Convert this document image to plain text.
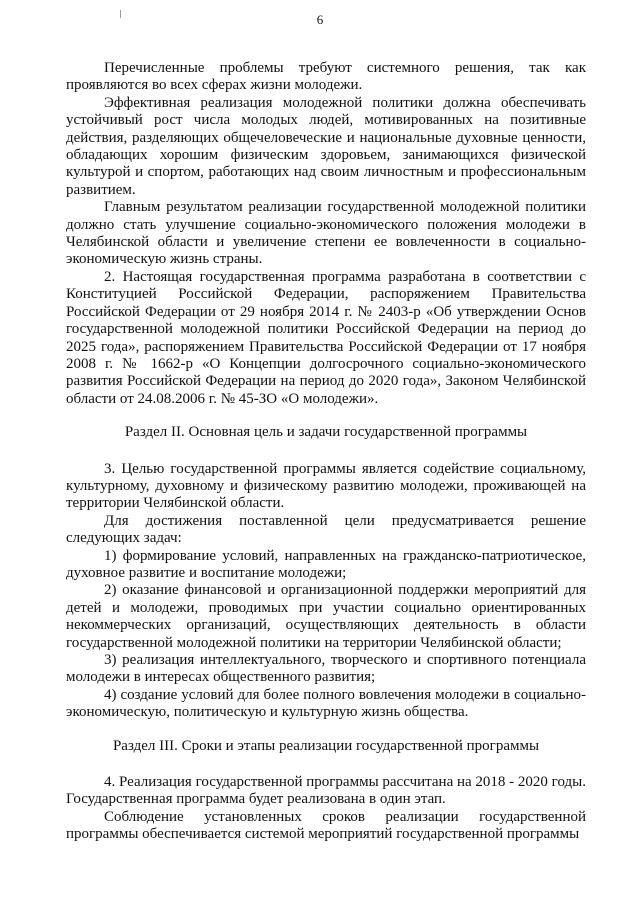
6

Перечисленные проблемы требуют системного решения, так как проявляются во всех сферах жизни молодежи.

Эффективная реализация молодежной политики должна обеспечивать устойчивый рост числа молодых людей, мотивированных на позитивные действия, разделяющих общечеловеческие и национальные духовные ценности, обладающих хорошим физическим здоровьем, занимающихся физической культурой и спортом, работающих над своим личностным и профессиональным развитием.

Главным результатом реализации государственной молодежной политики должно стать улучшение социально-экономического положения молодежи в Челябинской области и увеличение степени ее вовлеченности в социально-экономическую жизнь страны.

2. Настоящая государственная программа разработана в соответствии с Конституцией Российской Федерации, распоряжением Правительства Российской Федерации от 29 ноября 2014 г. № 2403-р «Об утверждении Основ государственной молодежной политики Российской Федерации на период до 2025 года», распоряжением Правительства Российской Федерации от 17 ноября 2008 г. № 1662-р «О Концепции долгосрочного социально-экономического развития Российской Федерации на период до 2020 года», Законом Челябинской области от 24.08.2006 г. № 45-ЗО «О молодежи».

Раздел II. Основная цель и задачи государственной программы

3. Целью государственной программы является содействие социальному, культурному, духовному и физическому развитию молодежи, проживающей на территории Челябинской области.

Для достижения поставленной цели предусматривается решение следующих задач:

1) формирование условий, направленных на гражданско-патриотическое, духовное развитие и воспитание молодежи;

2) оказание финансовой и организационной поддержки мероприятий для детей и молодежи, проводимых при участии социально ориентированных некоммерческих организаций, осуществляющих деятельность в области государственной молодежной политики на территории Челябинской области;

3) реализация интеллектуального, творческого и спортивного потенциала молодежи в интересах общественного развития;

4) создание условий для более полного вовлечения молодежи в социально-экономическую, политическую и культурную жизнь общества.

Раздел III. Сроки и этапы реализации государственной программы

4. Реализация государственной программы рассчитана на 2018 - 2020 годы. Государственная программа будет реализована в один этап.

Соблюдение установленных сроков реализации государственной программы обеспечивается системой мероприятий государственной программы
